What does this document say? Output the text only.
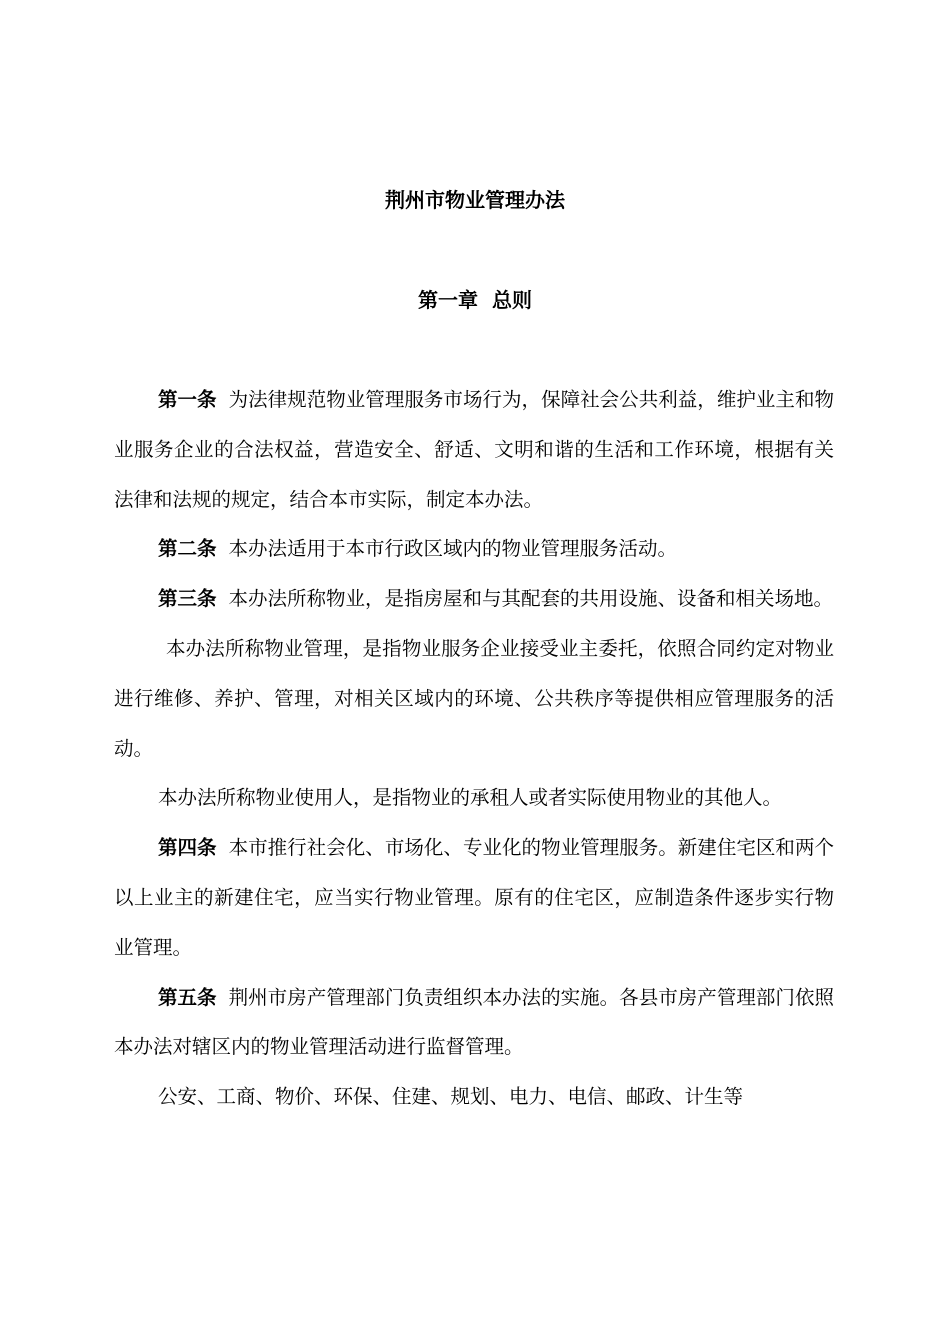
荆州市物业管理办法
第一章 总则

第一条 为法律规范物业管理服务市场行为，保障社会公共利益，维护业主和物业服务企业的合法权益，营造安全、舒适、文明和谐的生活和工作环境，根据有关法律和法规的规定，结合本市实际，制定本办法。

第二条 本办法适用于本市行政区域内的物业管理服务活动。

第三条 本办法所称物业，是指房屋和与其配套的共用设施、设备和相关场地。

本办法所称物业管理，是指物业服务企业接受业主委托，依照合同约定对物业进行维修、养护、管理，对相关区域内的环境、公共秩序等提供相应管理服务的活动。

本办法所称物业使用人，是指物业的承租人或者实际使用物业的其他人。

第四条 本市推行社会化、市场化、专业化的物业管理服务。新建住宅区和两个以上业主的新建住宅，应当实行物业管理。原有的住宅区，应制造条件逐步实行物业管理。

第五条 荆州市房产管理部门负责组织本办法的实施。各县市房产管理部门依照本办法对辖区内的物业管理活动进行监督管理。

公安、工商、物价、环保、住建、规划、电力、电信、邮政、计生等
